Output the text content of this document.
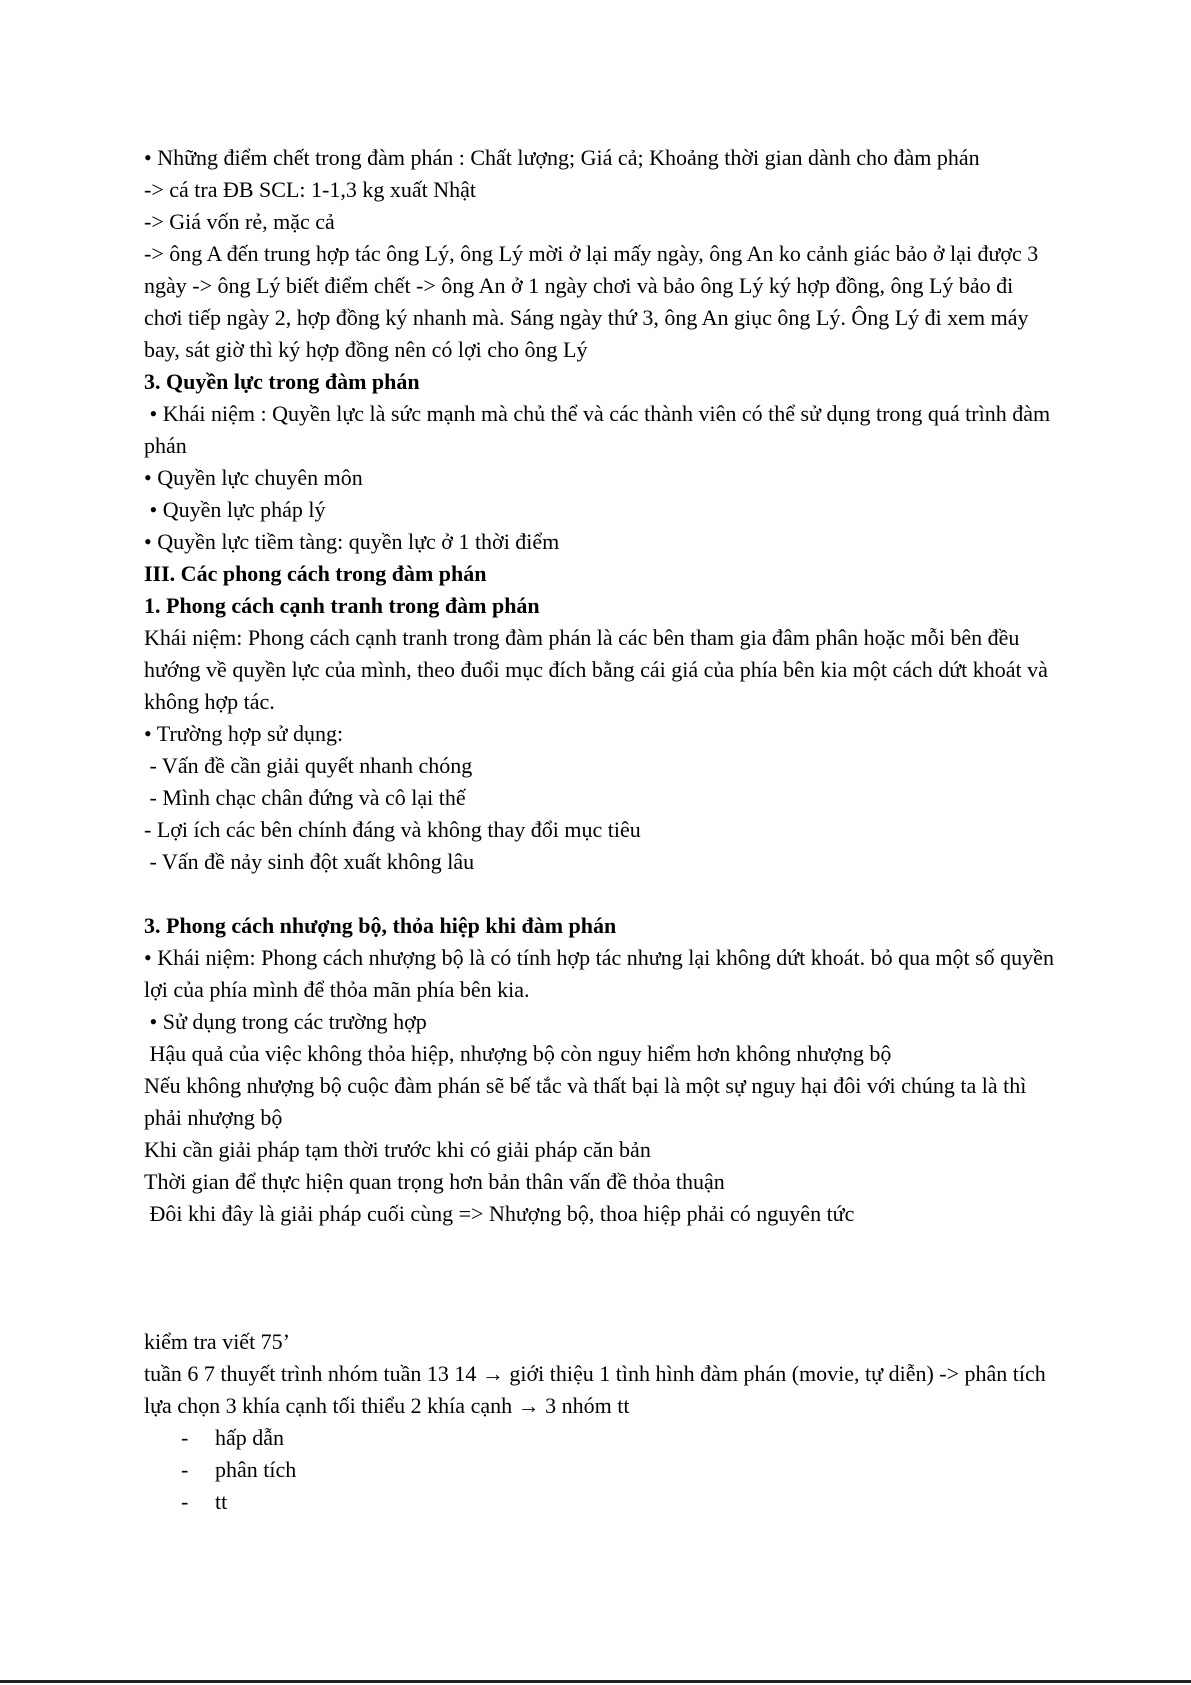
• Những điểm chết trong đàm phán : Chất lượng; Giá cả; Khoảng thời gian dành cho đàm phán
-> cá tra ĐB SCL: 1-1,3 kg xuất Nhật
-> Giá vốn rẻ, mặc cả
-> ông A đến trung hợp tác ông Lý, ông Lý mời ở lại mấy ngày, ông An ko cảnh giác bảo ở lại được 3 ngày -> ông Lý biết điểm chết -> ông An ở 1 ngày chơi và bảo ông Lý ký hợp đồng, ông Lý bảo đi chơi tiếp ngày 2, hợp đồng ký nhanh mà. Sáng ngày thứ 3, ông An giục ông Lý. Ông Lý đi xem máy bay, sát giờ thì ký hợp đồng nên có lợi cho ông Lý
3. Quyền lực trong đàm phán
• Khái niệm : Quyền lực là sức mạnh mà chủ thể và các thành viên có thể sử dụng trong quá trình đàm phán
• Quyền lực chuyên môn
• Quyền lực pháp lý
• Quyền lực tiềm tàng: quyền lực ở 1 thời điểm
III. Các phong cách trong đàm phán
1. Phong cách cạnh tranh trong đàm phán
Khái niệm: Phong cách cạnh tranh trong đàm phán là các bên tham gia đâm phân hoặc mỗi bên đều hướng về quyền lực của mình, theo đuổi mục đích bằng cái giá của phía bên kia một cách dứt khoát và không hợp tác.
• Trường hợp sử dụng:
- Vấn đề cần giải quyết nhanh chóng
- Mình chạc chân đứng và cô lại thế
- Lợi ích các bên chính đáng và không thay đổi mục tiêu
- Vấn đề nảy sinh đột xuất không lâu
3. Phong cách nhượng bộ, thỏa hiệp khi đàm phán
• Khái niệm: Phong cách nhượng bộ là có tính hợp tác nhưng lại không dứt khoát. bỏ qua một số quyền lợi của phía mình để thỏa mãn phía bên kia.
• Sử dụng trong các trường hợp
Hậu quả của việc không thỏa hiệp, nhượng bộ còn nguy hiểm hơn không nhượng bộ
Nếu không nhượng bộ cuộc đàm phán sẽ bế tắc và thất bại là một sự nguy hại đôi với chúng ta là thì phải nhượng bộ
Khi cần giải pháp tạm thời trước khi có giải pháp căn bản
Thời gian để thực hiện quan trọng hơn bản thân vấn đề thỏa thuận
Đôi khi đây là giải pháp cuối cùng => Nhượng bộ, thoa hiệp phải có nguyên tức
kiểm tra viết 75’
tuần 6 7 thuyết trình nhóm tuần 13 14 → giới thiệu 1 tình hình đàm phán (movie, tự diễn) -> phân tích lựa chọn 3 khía cạnh tối thiểu 2 khía cạnh → 3 nhóm tt
- hấp dẫn
- phân tích
- tt
